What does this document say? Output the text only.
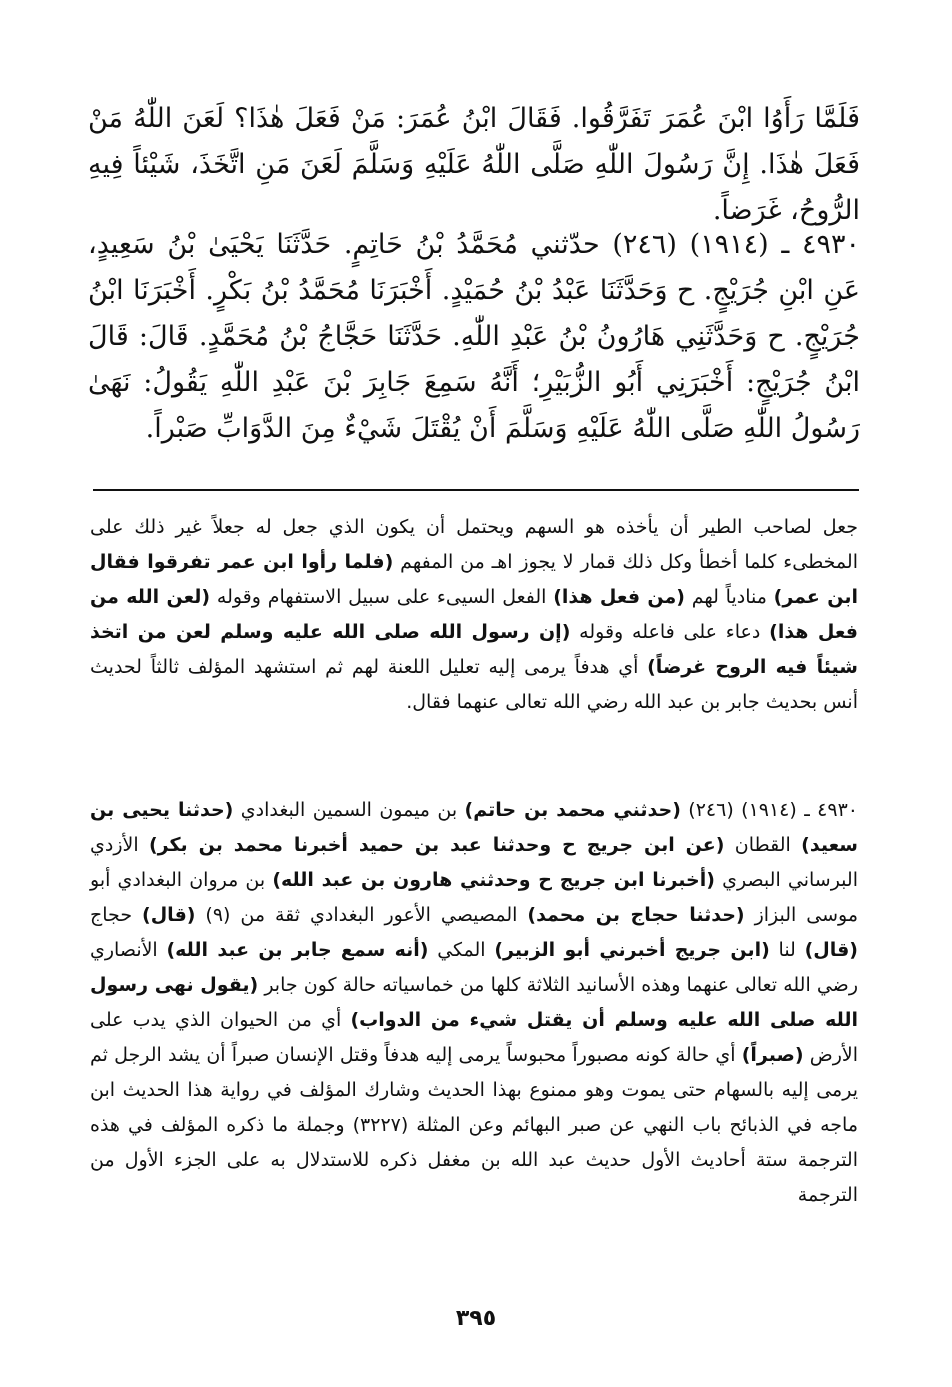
فَلَمَّا رَأَوُا ابْنَ عُمَرَ تَفَرَّقُوا. فَقَالَ ابْنُ عُمَرَ: مَنْ فَعَلَ هٰذَا؟ لَعَنَ اللّٰهُ مَنْ فَعَلَ هٰذَا. إِنَّ رَسُولَ اللّٰهِ صَلَّى اللّٰهُ عَلَيْهِ وَسَلَّمَ لَعَنَ مَنِ اتَّخَذَ، شَيْئاً فِيهِ الرُّوحُ، غَرَضاً.
٤٩٣٠ ـ (١٩١٤) (٢٤٦) حدّثني مُحَمَّدُ بْنُ حَاتِمٍ. حَدَّثَنَا يَحْيَىٰ بْنُ سَعِيدٍ، عَنِ ابْنِ جُرَيْجٍ. ح وَحَدَّثَنَا عَبْدُ بْنُ حُمَيْدٍ. أَخْبَرَنَا مُحَمَّدُ بْنُ بَكْرٍ. أَخْبَرَنَا ابْنُ جُرَيْجٍ. ح وَحَدَّثَنِي هَارُونُ بْنُ عَبْدِ اللّٰهِ. حَدَّثَنَا حَجَّاجُ بْنُ مُحَمَّدٍ. قَالَ: قَالَ ابْنُ جُرَيْجٍ: أَخْبَرَنِي أَبُو الزُّبَيْرِ؛ أَنَّهُ سَمِعَ جَابِرَ بْنَ عَبْدِ اللّٰهِ يَقُولُ: نَهَىٰ رَسُولُ اللّٰهِ صَلَّى اللّٰهُ عَلَيْهِ وَسَلَّمَ أَنْ يُقْتَلَ شَيْءٌ مِنَ الدَّوَابِّ صَبْراً.
جعل لصاحب الطير أن يأخذه هو السهم ويحتمل أن يكون الذي جعل له جعلاً غير ذلك على المخطىء كلما أخطأ وكل ذلك قمار لا يجوز اهـ من المفهم (فلما رأوا ابن عمر تفرقوا فقال ابن عمر) منادياً لهم (من فعل هذا) الفعل السيىء على سبيل الاستفهام وقوله (لعن الله من فعل هذا) دعاء على فاعله وقوله (إن رسول الله صلى الله عليه وسلم لعن من اتخذ شيئاً فيه الروح غرضاً) أي هدفاً يرمى إليه تعليل اللعنة لهم ثم استشهد المؤلف ثالثاً لحديث أنس بحديث جابر بن عبد الله رضي الله تعالى عنهما فقال.
٤٩٣٠ ـ (١٩١٤) (٢٤٦) (حدثني محمد بن حاتم) بن ميمون السمين البغدادي (حدثنا يحيى بن سعيد) القطان (عن ابن جريج ح وحدثنا عبد بن حميد أخبرنا محمد بن بكر) الأزدي البرساني البصري (أخبرنا ابن جريج ح وحدثني هارون بن عبد الله) بن مروان البغدادي أبو موسى البزاز (حدثنا حجاج بن محمد) المصيصي الأعور البغدادي ثقة من (٩) (قال) حجاج (قال) لنا (ابن جريج أخبرني أبو الزبير) المكي (أنه سمع جابر بن عبد الله) الأنصاري رضي الله تعالى عنهما وهذه الأسانيد الثلاثة كلها من خماسياته حالة كون جابر (يقول نهى رسول الله صلى الله عليه وسلم أن يقتل شيء من الدواب) أي من الحيوان الذي يدب على الأرض (صبراً) أي حالة كونه مصبوراً محبوساً يرمى إليه هدفاً وقتل الإنسان صبراً أن يشد الرجل ثم يرمى إليه بالسهام حتى يموت وهو ممنوع بهذا الحديث وشارك المؤلف في رواية هذا الحديث ابن ماجه في الذبائح باب النهي عن صبر البهائم وعن المثلة (٣٢٢٧) وجملة ما ذكره المؤلف في هذه الترجمة ستة أحاديث الأول حديث عبد الله بن مغفل ذكره للاستدلال به على الجزء الأول من الترجمة
٣٩٥
